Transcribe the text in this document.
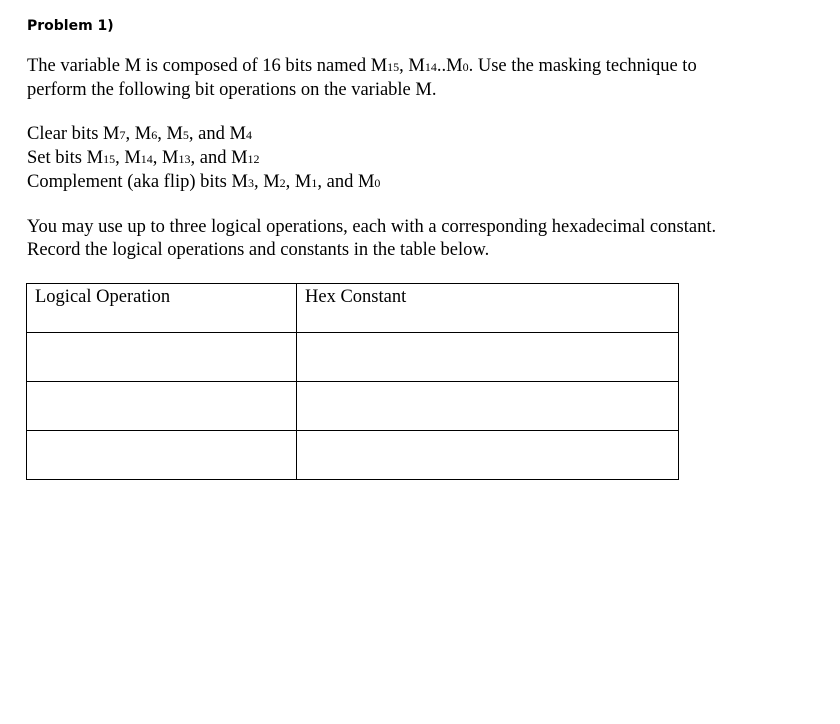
Problem 1)

The variable M is composed of 16 bits named M15, M14..M0. Use the masking technique to
perform the following bit operations on the variable M.

Clear bits M7, M6, M5, and M4
Set bits M15, M14, M13, and M12
Complement (aka flip) bits M3, M2, M1, and M0

You may use up to three logical operations, each with a corresponding hexadecimal constant.
Record the logical operations and constants in the table below.

Logical Operation	Hex Constant
